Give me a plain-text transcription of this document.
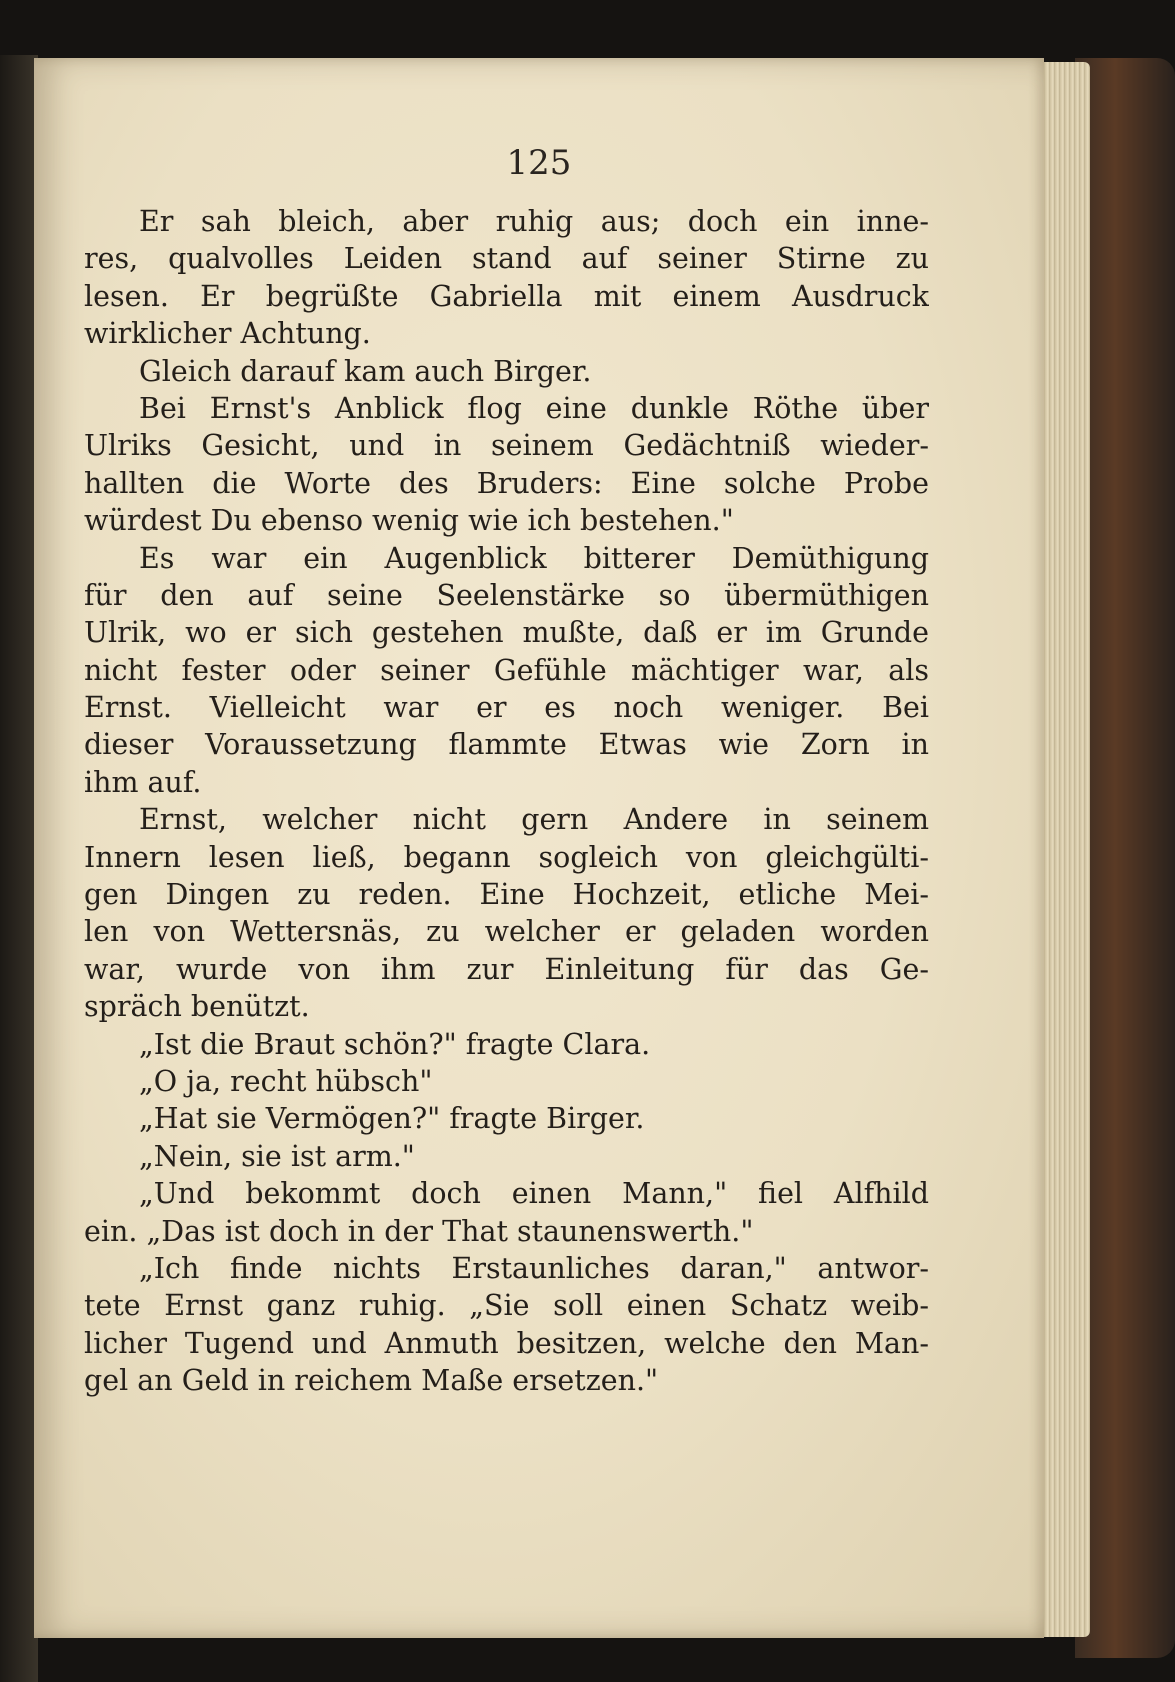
125
Er sah bleich, aber ruhig aus; doch ein inne-
res, qualvolles Leiden stand auf seiner Stirne zu
lesen. Er begrüßte Gabriella mit einem Ausdruck
wirklicher Achtung.
Gleich darauf kam auch Birger.
Bei Ernst's Anblick flog eine dunkle Röthe über
Ulriks Gesicht, und in seinem Gedächtniß wieder-
hallten die Worte des Bruders: Eine solche Probe
würdest Du ebenso wenig wie ich bestehen."
Es war ein Augenblick bitterer Demüthigung
für den auf seine Seelenstärke so übermüthigen
Ulrik, wo er sich gestehen mußte, daß er im Grunde
nicht fester oder seiner Gefühle mächtiger war, als
Ernst. Vielleicht war er es noch weniger. Bei
dieser Voraussetzung flammte Etwas wie Zorn in
ihm auf.
Ernst, welcher nicht gern Andere in seinem
Innern lesen ließ, begann sogleich von gleichgülti-
gen Dingen zu reden. Eine Hochzeit, etliche Mei-
len von Wettersnäs, zu welcher er geladen worden
war, wurde von ihm zur Einleitung für das Ge-
spräch benützt.
„Ist die Braut schön?" fragte Clara.
„O ja, recht hübsch"
„Hat sie Vermögen?" fragte Birger.
„Nein, sie ist arm."
„Und bekommt doch einen Mann," fiel Alfhild
ein. „Das ist doch in der That staunenswerth."
„Ich finde nichts Erstaunliches daran," antwor-
tete Ernst ganz ruhig. „Sie soll einen Schatz weib-
licher Tugend und Anmuth besitzen, welche den Man-
gel an Geld in reichem Maße ersetzen."
